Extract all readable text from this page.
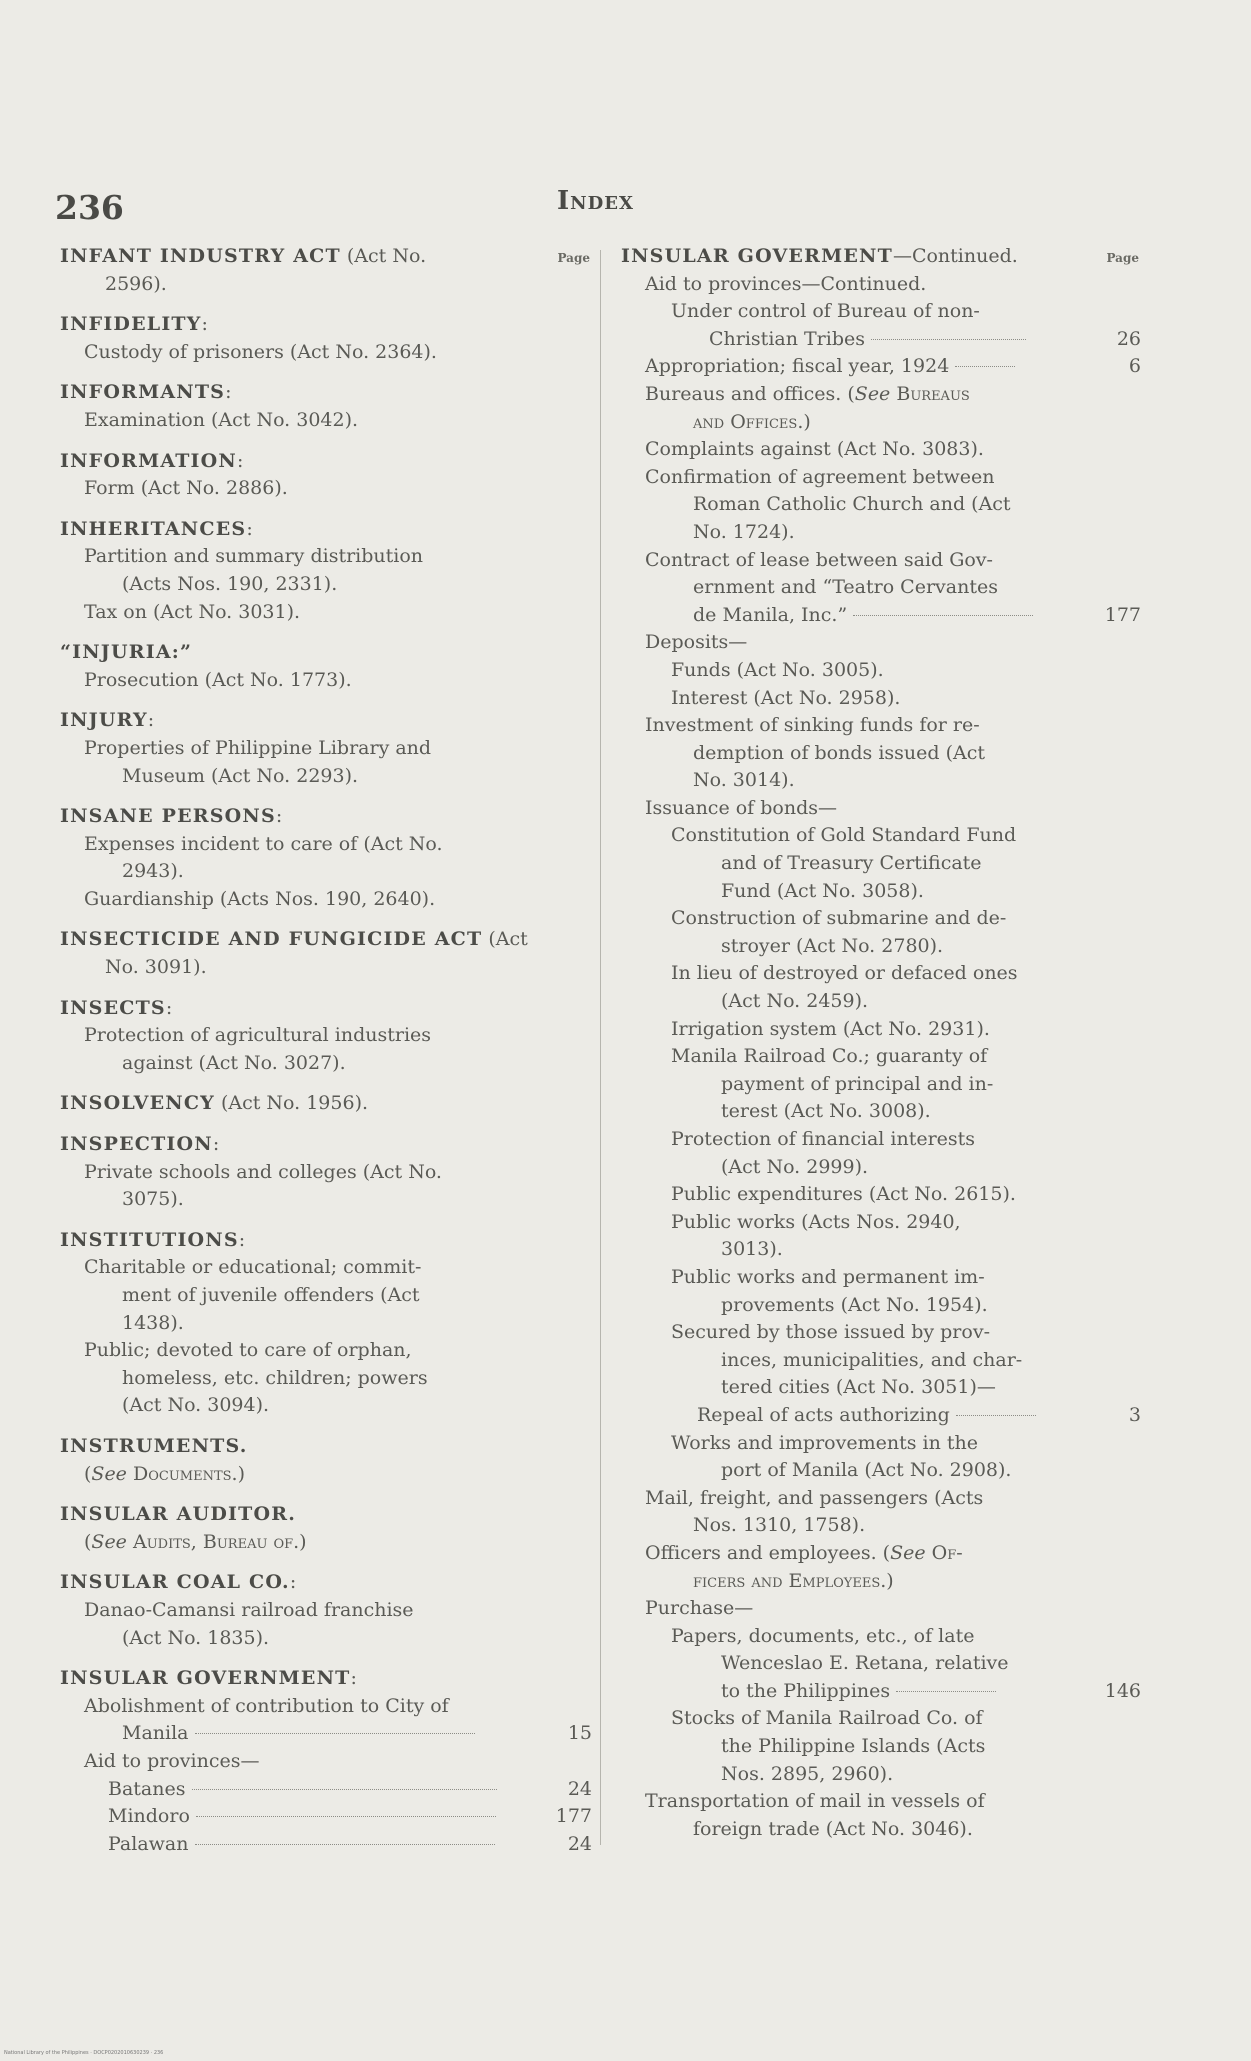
236	Index
Page
INFANT INDUSTRY ACT (Act No.
2596).
INFIDELITY:
Custody of prisoners (Act No. 2364).
INFORMANTS:
Examination (Act No. 3042).
INFORMATION:
Form (Act No. 2886).
INHERITANCES:
Partition and summary distribution
(Acts Nos. 190, 2331).
Tax on (Act No. 3031).
“INJURIA:”
Prosecution (Act No. 1773).
INJURY:
Properties of Philippine Library and
Museum (Act No. 2293).
INSANE PERSONS:
Expenses incident to care of (Act No.
2943).
Guardianship (Acts Nos. 190, 2640).
INSECTICIDE AND FUNGICIDE ACT (Act
No. 3091).
INSECTS:
Protection of agricultural industries
against (Act No. 3027).
INSOLVENCY (Act No. 1956).
INSPECTION:
Private schools and colleges (Act No.
3075).
INSTITUTIONS:
Charitable or educational; commit-
ment of juvenile offenders (Act
1438).
Public; devoted to care of orphan,
homeless, etc. children; powers
(Act No. 3094).
INSTRUMENTS.
(See Documents.)
INSULAR AUDITOR.
(See Audits, Bureau of.)
INSULAR COAL CO.:
Danao-Camansi railroad franchise
(Act No. 1835).
INSULAR GOVERNMENT:
Abolishment of contribution to City of
Manila	15
Aid to provinces—
Batanes	24
Mindoro	177
Palawan	24
Page
INSULAR GOVERMENT—Continued.
Aid to provinces—Continued.
Under control of Bureau of non-
Christian Tribes	26
Appropriation; fiscal year, 1924	6
Bureaus and offices. (See Bureaus
and Offices.)
Complaints against (Act No. 3083).
Confirmation of agreement between
Roman Catholic Church and (Act
No. 1724).
Contract of lease between said Gov-
ernment and “Teatro Cervantes
de Manila, Inc.”	177
Deposits—
Funds (Act No. 3005).
Interest (Act No. 2958).
Investment of sinking funds for re-
demption of bonds issued (Act
No. 3014).
Issuance of bonds—
Constitution of Gold Standard Fund
and of Treasury Certificate
Fund (Act No. 3058).
Construction of submarine and de-
stroyer (Act No. 2780).
In lieu of destroyed or defaced ones
(Act No. 2459).
Irrigation system (Act No. 2931).
Manila Railroad Co.; guaranty of
payment of principal and in-
terest (Act No. 3008).
Protection of financial interests
(Act No. 2999).
Public expenditures (Act No. 2615).
Public works (Acts Nos. 2940,
3013).
Public works and permanent im-
provements (Act No. 1954).
Secured by those issued by prov-
inces, municipalities, and char-
tered cities (Act No. 3051)—
Repeal of acts authorizing	3
Works and improvements in the
port of Manila (Act No. 2908).
Mail, freight, and passengers (Acts
Nos. 1310, 1758).
Officers and employees. (See Of-
ficers and Employees.)
Purchase—
Papers, documents, etc., of late
Wenceslao E. Retana, relative
to the Philippines	146
Stocks of Manila Railroad Co. of
the Philippine Islands (Acts
Nos. 2895, 2960).
Transportation of mail in vessels of
foreign trade (Act No. 3046).
National Library of the Philippines · DOCP0202010630239 · 236
